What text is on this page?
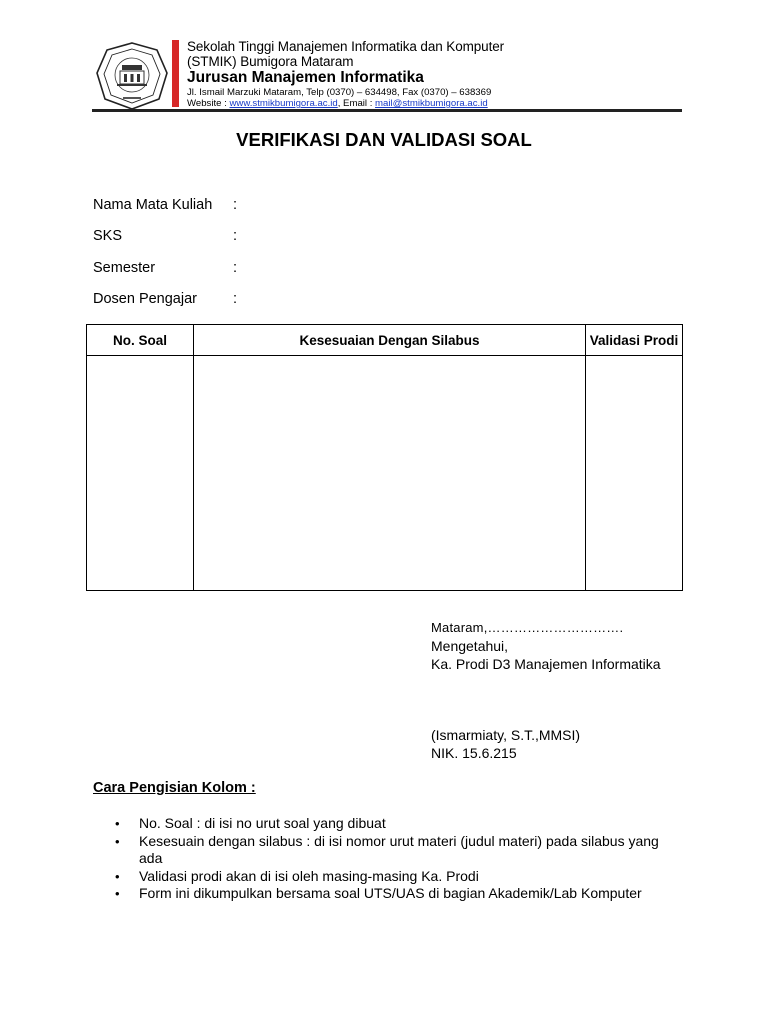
Sekolah Tinggi Manajemen Informatika dan Komputer
(STMIK) Bumigora Mataram
Jurusan Manajemen Informatika
Jl. Ismail Marzuki Mataram, Telp (0370) – 634498, Fax (0370) – 638369
Website : www.stmikbumigora.ac.id, Email : mail@stmikbumigora.ac.id
VERIFIKASI DAN VALIDASI SOAL
Nama Mata Kuliah :
SKS	:
Semester	:
Dosen Pengajar :
No. Soal	Kesesuaian Dengan Silabus	Validasi Prodi

Mataram,………………………….
Mengetahui,
Ka. Prodi D3 Manajemen Informatika
(Ismarmiaty, S.T.,MMSI)
NIK. 15.6.215
Cara Pengisian Kolom :
• No. Soal : di isi no urut soal yang dibuat
• Kesesuain dengan silabus : di isi nomor urut materi (judul materi) pada silabus yang ada
• Validasi prodi akan di isi oleh masing-masing Ka. Prodi
• Form ini dikumpulkan bersama soal UTS/UAS di bagian Akademik/Lab Komputer
